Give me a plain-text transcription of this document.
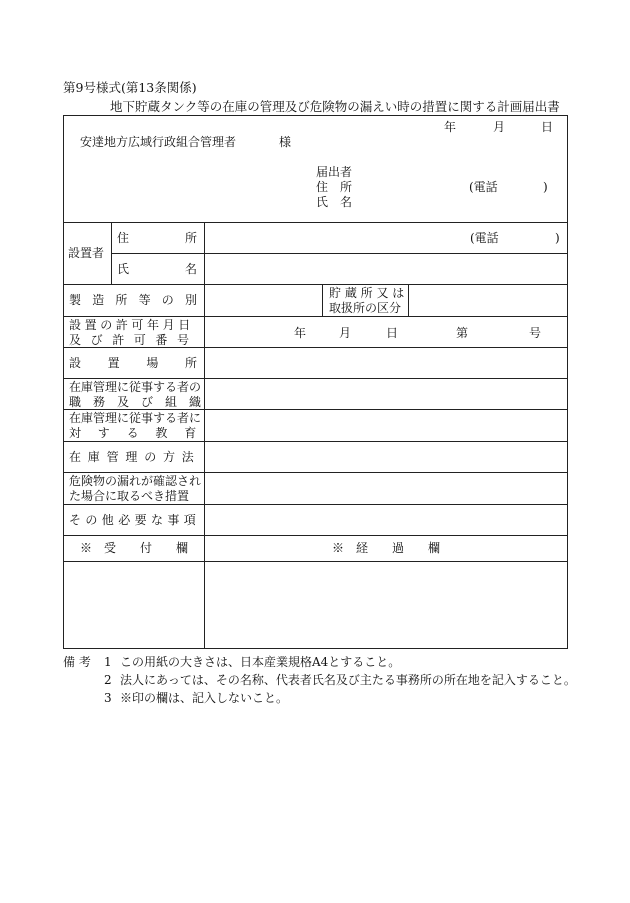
第9号様式(第13条関係)
地下貯蔵タンク等の在庫の管理及び危険物の漏えい時の措置に関する計画届出書
年	月	日
安達地方広域行政組合管理者	様
届出者
住　所	(電話	)
氏　名
設置者
住	所	(電話	)
氏	名
製 造 所 等 の 別	貯 蔵 所 又 は
取扱所の区分
設置の許可年月日
及び許可番号	年	月	日	第	号
設 置 場 所
在庫管理に従事する者の
職務及び組織
在庫管理に従事する者に
対する教育
在庫管理の方法
危険物の漏れが確認され
た場合に取るべき措置
その他必要な事項
※　受　　付　　欄	※　経　　過　　欄
備 考 1 この用紙の大きさは、日本産業規格A4とすること。
2 法人にあっては、その名称、代表者氏名及び主たる事務所の所在地を記入すること。
3 ※印の欄は、記入しないこと。
